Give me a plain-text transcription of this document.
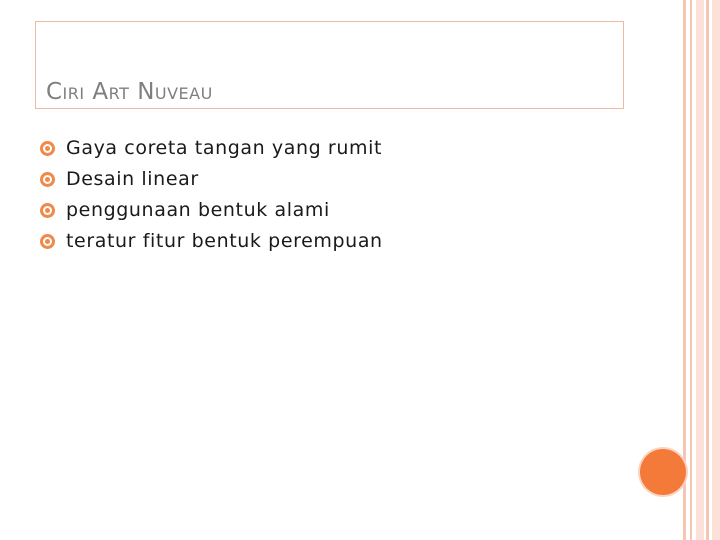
Ciri Art Nuveau
Gaya coreta tangan yang rumit
Desain linear
penggunaan bentuk alami
teratur fitur bentuk perempuan
